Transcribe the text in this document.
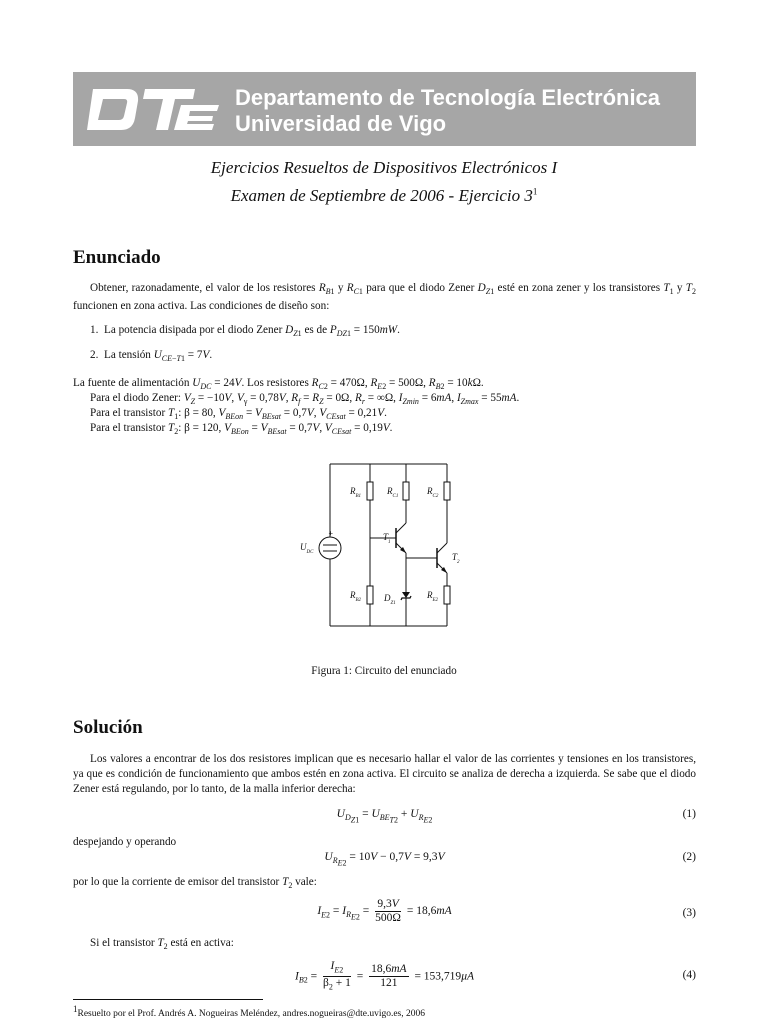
Departamento de Tecnología Electrónica
Universidad de Vigo
Ejercicios Resueltos de Dispositivos Electrónicos I
Examen de Septiembre de 2006 - Ejercicio $3^1$
Enunciado
Obtener, razonadamente, el valor de los resistores $R_{B1}$ y $R_{C1}$ para que el diodo Zener $D_{Z1}$ esté en zona zener y los transistores $T_1$ y $T_2$ funcionen en zona activa. Las condiciones de diseño son:
1.  La potencia disipada por el diodo Zener $D_{Z1}$ es de $P_{DZ1} = 150mW$.
2.  La tensión $U_{CE-T1} = 7V$.
La fuente de alimentación $U_{DC} = 24V$. Los resistores $R_{C2} = 470\Omega$, $R_{E2} = 500\Omega$, $R_{B2} = 10k\Omega$.
Para el diodo Zener: $V_Z = -10V$, $V_\gamma = 0,78V$, $R_f = R_Z = 0\Omega$, $R_r = \infty\Omega$, $I_{Zmin} = 6mA$, $I_{Zmax} = 55mA$.
Para el transistor $T_1$: β = 80, $V_{BEon} = V_{BEsat} = 0,7V$, $V_{CEsat} = 0,21V$.
Para el transistor $T_2$: β = 120, $V_{BEon} = V_{BEsat} = 0,7V$, $V_{CEsat} = 0,19V$.
+
$R_{B1}$
$R_{C1}$
$R_{C2}$
$T_1$
$T_2$
$U_{DC}$
$R_{B2}$	$D_{Z1}$
$R_{E2}$
Figura 1: Circuito del enunciado
Solución
Los valores a encontrar de los dos resistores implican que es necesario hallar el valor de las corrientes y tensiones en los transistores, ya que es condición de funcionamiento que ambos estén en zona activa. El circuito se analiza de derecha a izquierda. Se sabe que el diodo Zener está regulando, por lo tanto, de la malla inferior derecha:
$U_{D_{Z1}} = U_{BE_{T2}} + U_{R_{E2}}$
(1)
despejando y operando
$U_{R_{E2}} = 10V - 0,7V = 9,3V$	(2)
por lo que la corriente de emisor del transistor $T_2$ vale:
$I_{E2} = I_{R_{E2}} = \frac{9,3V}{500\Omega} = 18,6mA$	(3)
Si el transistor $T_2$ está en activa:
$I_{B2} = \frac{I_{E2}}{\beta_2 + 1} = \frac{18,6mA}{121} = 153,719\mu A$	(4)
1Resuelto por el Prof. Andrés A. Nogueiras Meléndez, andres.nogueiras@dte.uvigo.es, 2006
